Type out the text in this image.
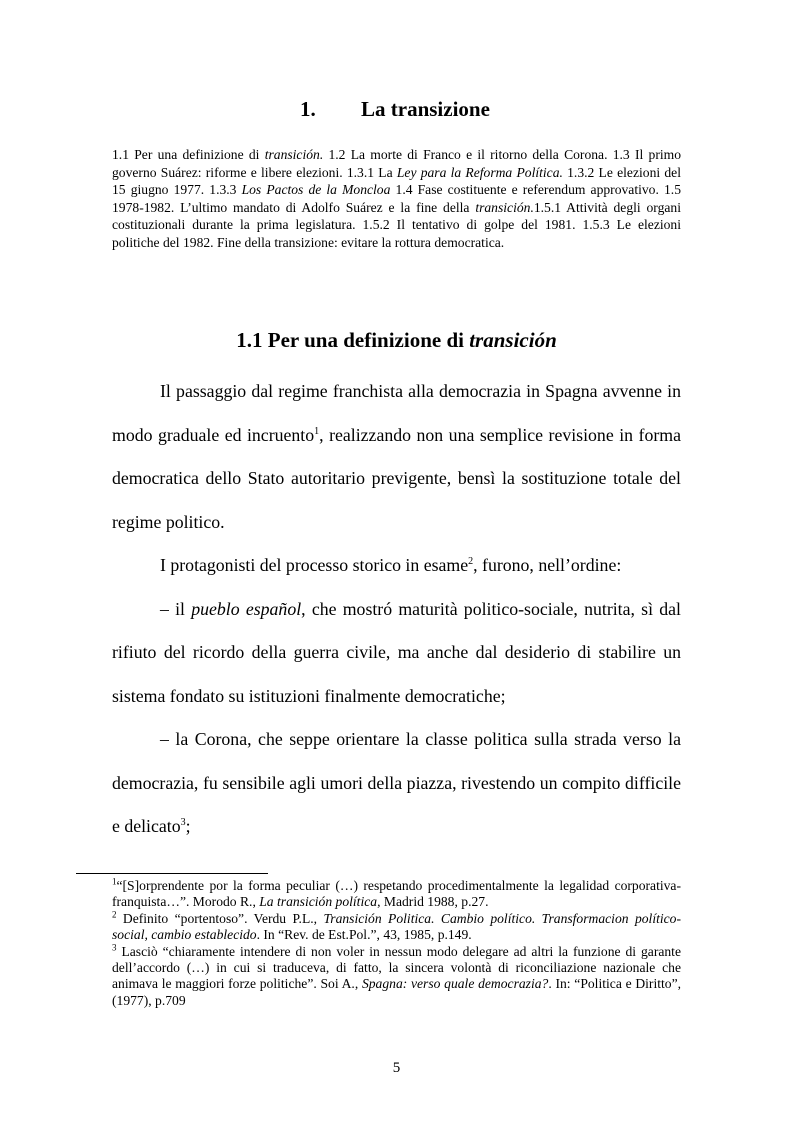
1. La transizione
1.1 Per una definizione di transición. 1.2 La morte di Franco e il ritorno della Corona. 1.3 Il primo governo Suárez: riforme e libere elezioni. 1.3.1 La Ley para la Reforma Política. 1.3.2 Le elezioni del 15 giugno 1977. 1.3.3 Los Pactos de la Moncloa 1.4 Fase costituente e referendum approvativo. 1.5 1978-1982. L’ultimo mandato di Adolfo Suárez e la fine della transición.1.5.1 Attività degli organi costituzionali durante la prima legislatura. 1.5.2 Il tentativo di golpe del 1981. 1.5.3 Le elezioni politiche del 1982. Fine della transizione: evitare la rottura democratica.
1.1 Per una definizione di transición

Il passaggio dal regime franchista alla democrazia in Spagna avvenne in modo graduale ed incruento$^1$, realizzando non una semplice revisione in forma democratica dello Stato autoritario previgente, bensì la sostituzione totale del regime politico.

I protagonisti del processo storico in esame$^2$, furono, nell’ordine:

– il pueblo español, che mostró maturità politico-sociale, nutrita, sì dal rifiuto del ricordo della guerra civile, ma anche dal desiderio di stabilire un sistema fondato su istituzioni finalmente democratiche;

– la Corona, che seppe orientare la classe politica sulla strada verso la democrazia, fu sensibile agli umori della piazza, rivestendo un compito difficile e delicato$^3$;

$^1$“[S]orprendente por la forma peculiar (…) respetando procedimentalmente la legalidad corporativa-franquista…”. Morodo R., La transición política, Madrid 1988, p.27.

$^2$ Definito “portentoso”. Verdu P.L., Transición Politica. Cambio político. Transformacion político-social, cambio establecido. In “Rev. de Est.Pol.”, 43, 1985, p.149.

$^3$ Lasciò “chiaramente intendere di non voler in nessun modo delegare ad altri la funzione di garante dell’accordo (…) in cui si traduceva, di fatto, la sincera volontà di riconciliazione nazionale che animava le maggiori forze politiche”. Soi A., Spagna: verso quale democrazia?. In: “Politica e Diritto”, (1977), p.709

5
